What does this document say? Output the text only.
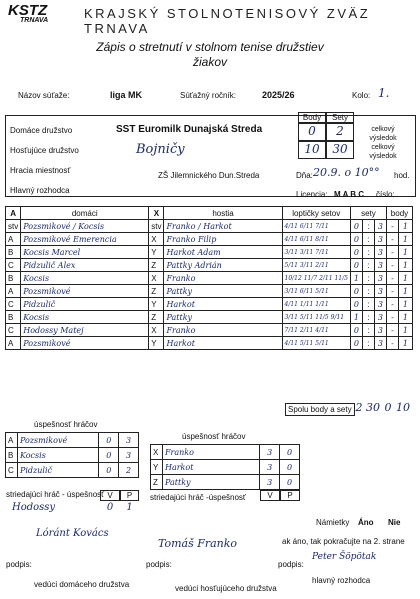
KSTZ
TRNAVA	KRAJSKÝ STOLNOTENISOVÝ ZVÄZ TRNAVA
Zápis o stretnutí v stolnom tenise družstiev
žiakov
Názov súťaže:	liga MK	Súťažný ročník:	2025/26	Kolo: 1.
Domáce družstvo	SST Euromilk Dunajská Streda
Hosťujúce družstvo	Bojničy
Hracia miestnosť
Hlavný rozhodca
Body	Sety
0	2
10	30
celkový výsledok
celkový výsledok
ZŠ Jilemnického Dun.Streda	Dňa: 20.9. o 10°° hod.
Licencia: M A B C číslo:
A	domáci	X	hostia	loptičky setov	sety			body	
stv	Pozsmikové / Kocsis	stv	Franko / Harkot	4/11 6/11 7/11	0	:	3	-	1
A	Pozsmikové Emerencia	X	Franko Filip	4/11 6/11 8/11	0	:	3	-	1
B	Kocsis Marcel	Y	Harkot Adam	3/11 3/11 7/11	0	:	3	-	1
C	Pidzulič Alex	Z	Pattky Adrián	5/11 3/11 2/11	0	:	3	-	1
B	Kocsis	X	Franko	10/12 11/7 2/11 11/5	1	:	3	-	1
A	Pozsmikové	Z	Pattky	3/11 6/11 5/11	0	:	3	-	1
C	Pidzulič	Y	Harkot	4/11 1/11 1/11	0	:	3	-	1
B	Kocsis	Z	Pattky	3/11 5/11 11/5 9/11	1	:	3	-	1
C	Hodossy Matej	X	Franko	7/11 2/11 4/11	0	:	3	-	1
A	Pozsmikové	Y	Harkot	4/11 5/11 5/11	0	:	3	-	1
Spolu body a sety 2 30 0 10
úspešnosť hráčov
úspešnosť hráčov
A	Pozsmikové	0	3
B	Kocsis	0	3
C	Pidzulič	0	2
X	Franko	3	0
Y	Harkot	3	0
Z	Pattky	3	0
striedajúci hráč - úspešnosť V	P	striedajúci hráč -úspešnosť	V	P
Hodossy	0	1
Námietky Áno Nie
ak áno, tak pokračujte na 2. strane
Lóránt Kovács
Tomáš Franko
podpis:	podpis:	podpis:
Peter Šöpötak
vedúci domáceho družstva	vedúci hosťujúceho družstva
hlavný rozhodca
